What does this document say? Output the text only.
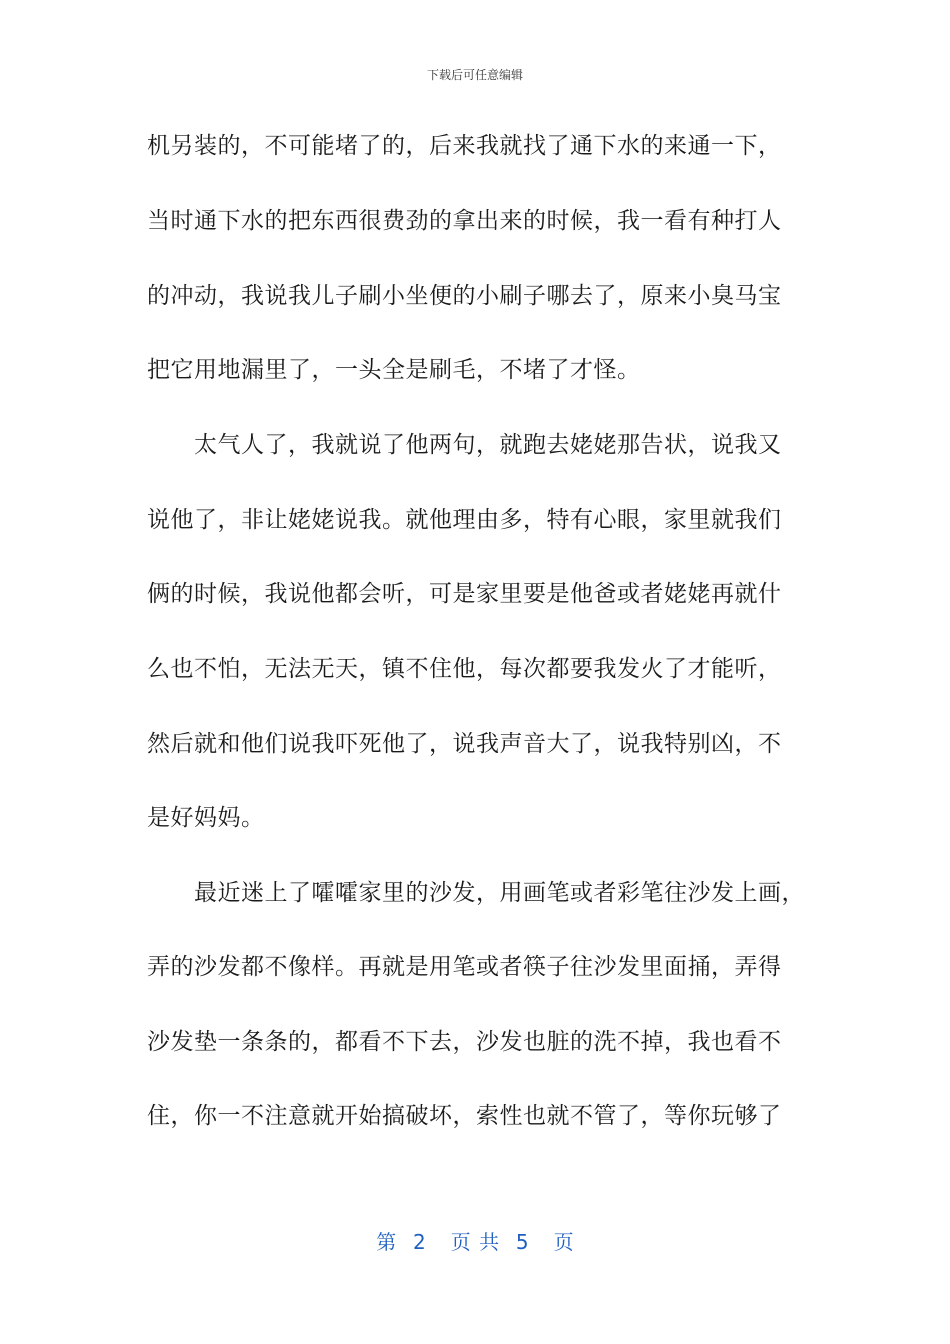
下载后可任意编辑
机另装的，不可能堵了的，后来我就找了通下水的来通一下，
当时通下水的把东西很费劲的拿出来的时候，我一看有种打人
的冲动，我说我儿子刷小坐便的小刷子哪去了，原来小臭马宝
把它用地漏里了，一头全是刷毛，不堵了才怪。
　　太气人了，我就说了他两句，就跑去姥姥那告状，说我又
说他了，非让姥姥说我。就他理由多，特有心眼，家里就我们
俩的时候，我说他都会听，可是家里要是他爸或者姥姥再就什
么也不怕，无法无天，镇不住他，每次都要我发火了才能听，
然后就和他们说我吓死他了，说我声音大了，说我特别凶，不
是好妈妈。
　　最近迷上了嚯嚯家里的沙发，用画笔或者彩笔往沙发上画，
弄的沙发都不像样。再就是用笔或者筷子往沙发里面捅，弄得
沙发垫一条条的，都看不下去，沙发也脏的洗不掉，我也看不
住，你一不注意就开始搞破坏，索性也就不管了，等你玩够了
第  2   页 共  5   页
